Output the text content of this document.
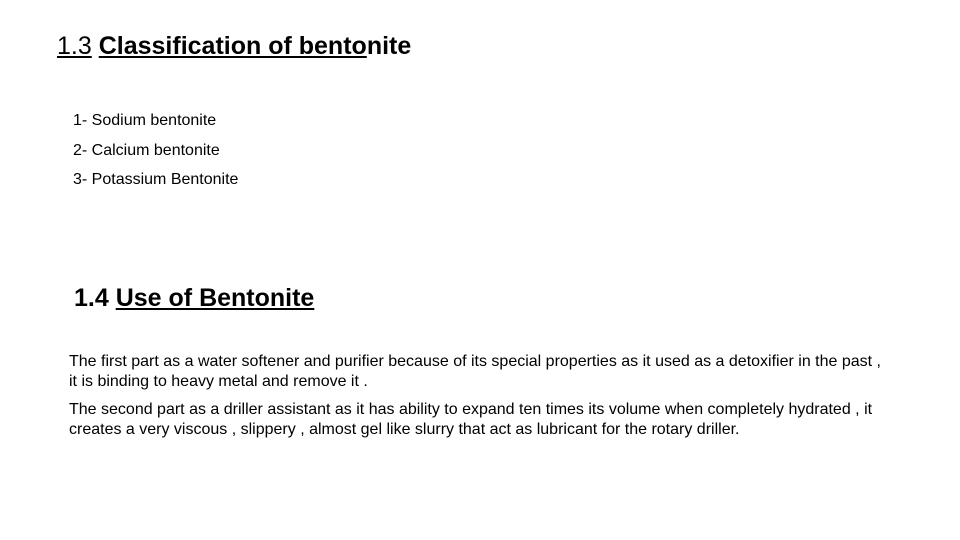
1.3 Classification of bentonite
1- Sodium bentonite
2- Calcium bentonite
3- Potassium Bentonite
1.4 Use of Bentonite

The first part as a water softener and purifier because of its special properties as it used as a detoxifier in the past , it is binding to heavy metal and remove it .

The second part as a driller assistant as it has ability to expand ten times its volume when completely hydrated , it creates a very viscous , slippery , almost gel like slurry that act as lubricant for the rotary driller.
